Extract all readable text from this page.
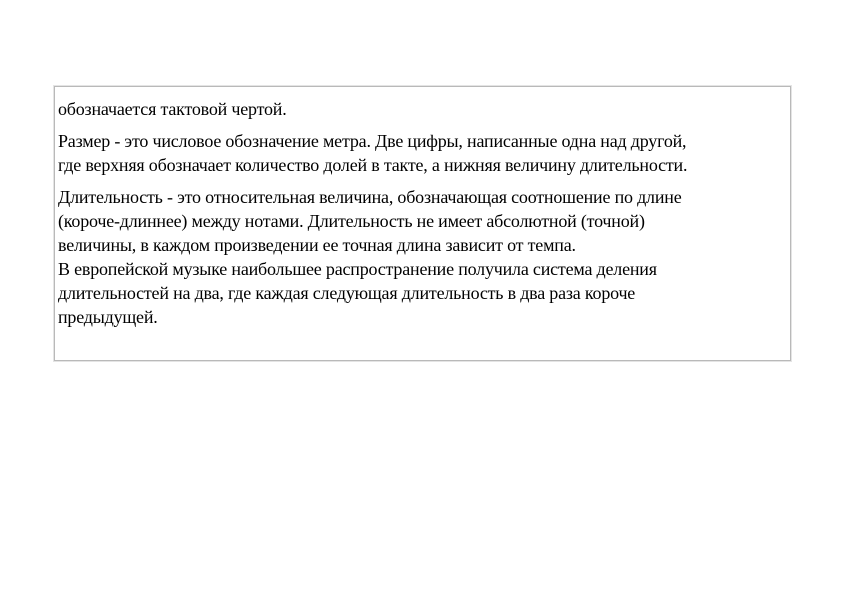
обозначается тактовой чертой.

Размер - это числовое обозначение метра. Две цифры, написанные одна над другой,
где верхняя обозначает количество долей в такте, а нижняя величину длительности.

Длительность - это относительная величина, обозначающая соотношение по длине
(короче-длиннее) между нотами. Длительность не имеет абсолютной (точной)
величины, в каждом произведении ее точная длина зависит от темпа.
В европейской музыке наибольшее распространение получила система деления
длительностей на два, где каждая следующая длительность в два раза короче
предыдущей.
